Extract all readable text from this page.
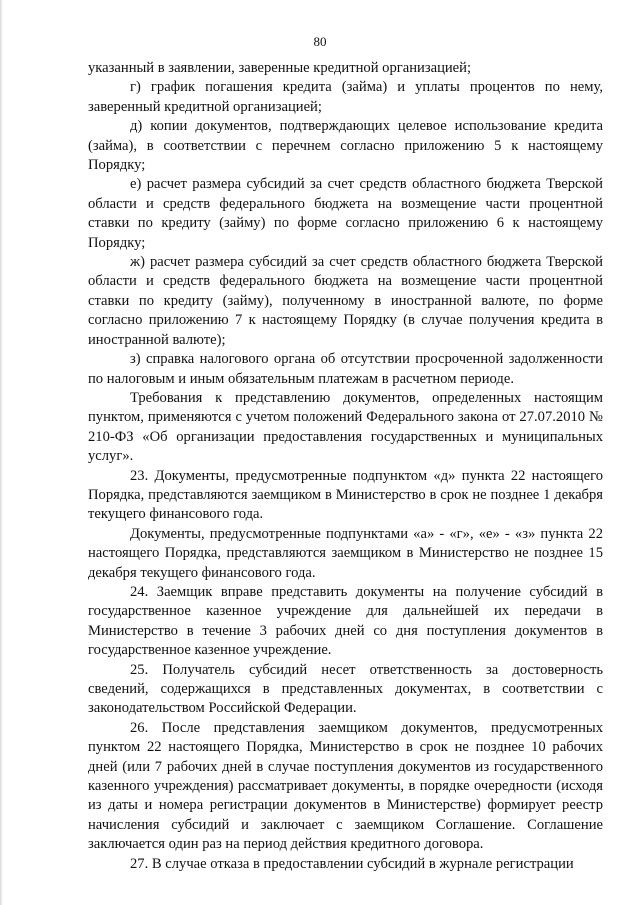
80

указанный в заявлении, заверенные кредитной организацией;

г) график погашения кредита (займа) и уплаты процентов по нему, заверенный кредитной организацией;

д) копии документов, подтверждающих целевое использование кредита (займа), в соответствии с перечнем согласно приложению 5 к настоящему Порядку;

е) расчет размера субсидий за счет средств областного бюджета Тверской области и средств федерального бюджета на возмещение части процентной ставки по кредиту (займу) по форме согласно приложению 6 к настоящему Порядку;

ж) расчет размера субсидий за счет средств областного бюджета Тверской области и средств федерального бюджета на возмещение части процентной ставки по кредиту (займу), полученному в иностранной валюте, по форме согласно приложению 7 к настоящему Порядку (в случае получения кредита в иностранной валюте);

з) справка налогового органа об отсутствии просроченной задолженности по налоговым и иным обязательным платежам в расчетном периоде.

Требования к представлению документов, определенных настоящим пунктом, применяются с учетом положений Федерального закона от 27.07.2010 № 210-ФЗ «Об организации предоставления государственных и муниципальных услуг».

23. Документы, предусмотренные подпунктом «д» пункта 22 настоящего Порядка, представляются заемщиком в Министерство в срок не позднее 1 декабря текущего финансового года.

Документы, предусмотренные подпунктами «а» - «г», «е» - «з» пункта 22 настоящего Порядка, представляются заемщиком в Министерство не позднее 15 декабря текущего финансового года.

24. Заемщик вправе представить документы на получение субсидий в государственное казенное учреждение для дальнейшей их передачи в Министерство в течение 3 рабочих дней со дня поступления документов в государственное казенное учреждение.

25. Получатель субсидий несет ответственность за достоверность сведений, содержащихся в представленных документах, в соответствии с законодательством Российской Федерации.

26. После представления заемщиком документов, предусмотренных пунктом 22 настоящего Порядка, Министерство в срок не позднее 10 рабочих дней (или 7 рабочих дней в случае поступления документов из государственного казенного учреждения) рассматривает документы, в порядке очередности (исходя из даты и номера регистрации документов в Министерстве) формирует реестр начисления субсидий и заключает с заемщиком Соглашение. Соглашение заключается один раз на период действия кредитного договора.

27. В случае отказа в предоставлении субсидий в журнале регистрации
